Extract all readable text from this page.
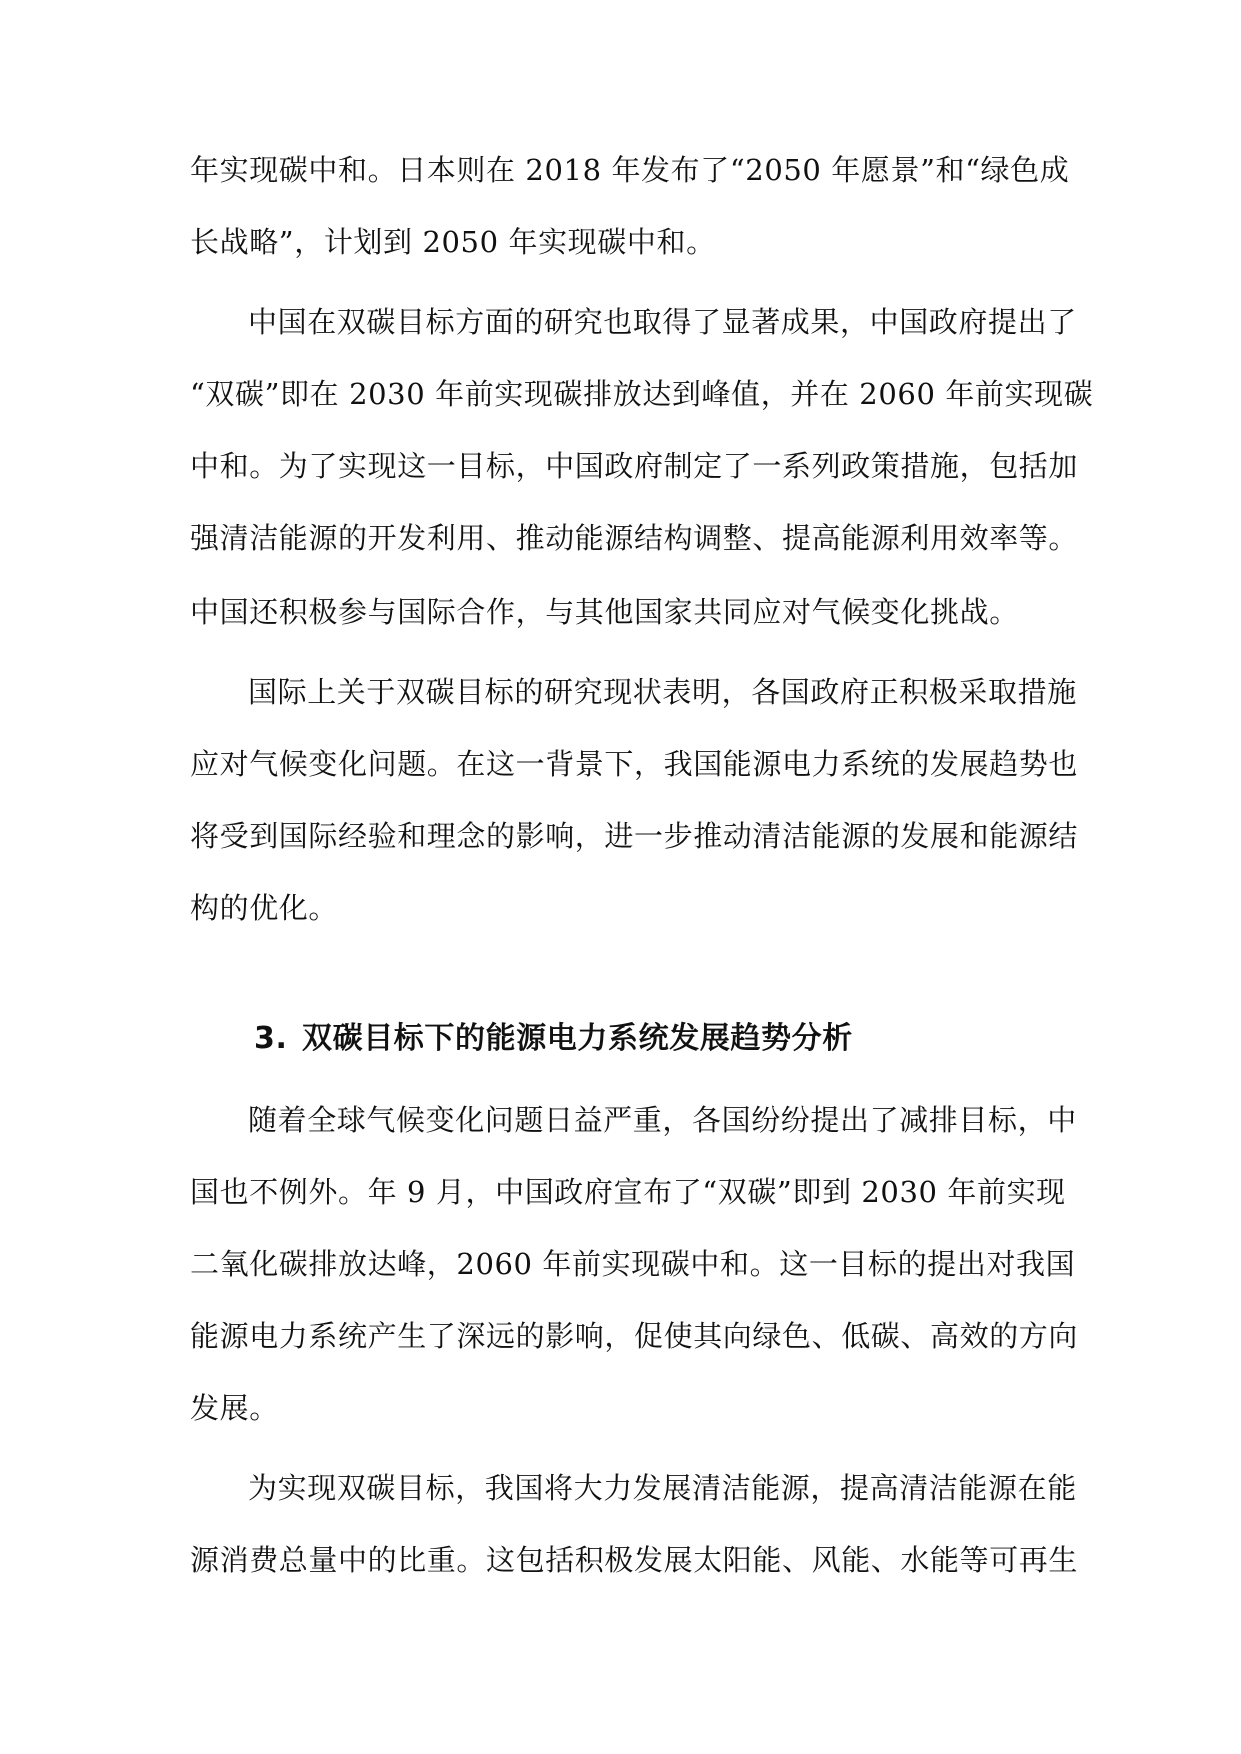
年实现碳中和。日本则在 2018 年发布了“2050 年愿景”和“绿色成
长战略”，计划到 2050 年实现碳中和。
中国在双碳目标方面的研究也取得了显著成果，中国政府提出了
“双碳”即在 2030 年前实现碳排放达到峰值，并在 2060 年前实现碳
中和。为了实现这一目标，中国政府制定了一系列政策措施，包括加
强清洁能源的开发利用、推动能源结构调整、提高能源利用效率等。
中国还积极参与国际合作，与其他国家共同应对气候变化挑战。
国际上关于双碳目标的研究现状表明，各国政府正积极采取措施
应对气候变化问题。在这一背景下，我国能源电力系统的发展趋势也
将受到国际经验和理念的影响，进一步推动清洁能源的发展和能源结
构的优化。
3. 双碳目标下的能源电力系统发展趋势分析
随着全球气候变化问题日益严重，各国纷纷提出了减排目标，中
国也不例外。年 9 月，中国政府宣布了“双碳”即到 2030 年前实现
二氧化碳排放达峰，2060 年前实现碳中和。这一目标的提出对我国
能源电力系统产生了深远的影响，促使其向绿色、低碳、高效的方向
发展。
为实现双碳目标，我国将大力发展清洁能源，提高清洁能源在能
源消费总量中的比重。这包括积极发展太阳能、风能、水能等可再生
